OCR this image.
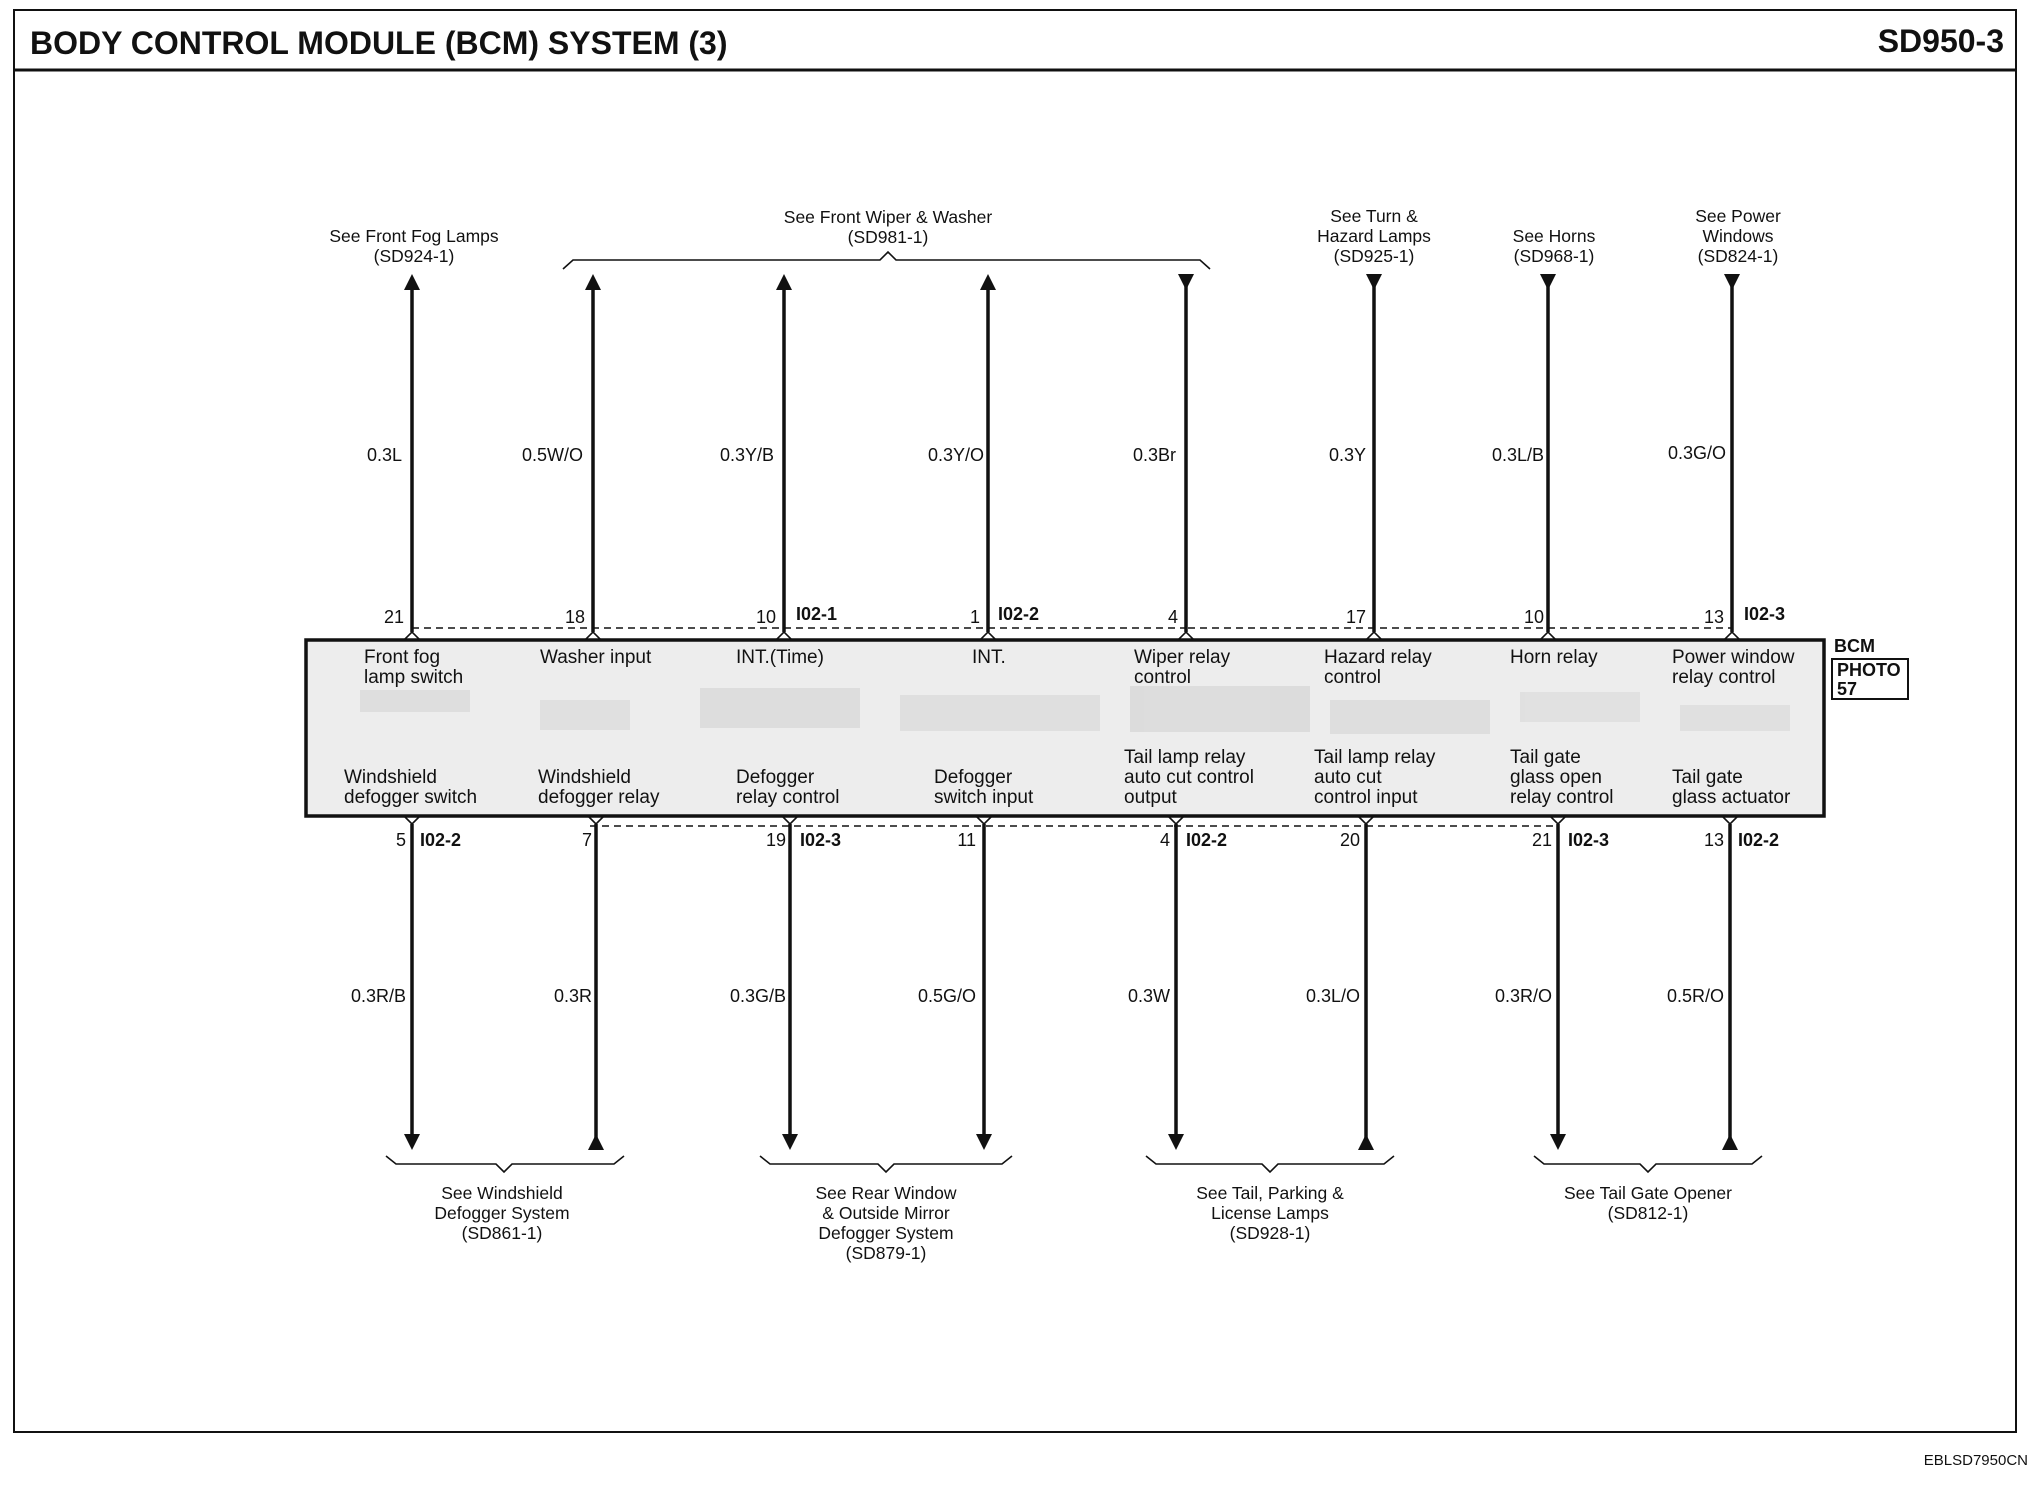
BODY CONTROL MODULE (BCM) SYSTEM (3)	SD950-3
EBLSD7950CN
See Front Fog Lamps
(SD924-1)
See Front Wiper & Washer
(SD981-1)
See Turn &
Hazard Lamps
(SD925-1)
See Horns
(SD968-1)
See Power
Windows
(SD824-1)
BCM
PHOTO
57
0.3L
21
Front fog
lamp switch
0.5W/O
18
Washer input
0.3Y/B
10 I02-1
INT.(Time)
0.3Y/O
1 I02-2
INT.
0.3Br
4
Wiper relay
control
0.3Y
17
Hazard relay
control
0.3L/B
10
Horn relay
0.3G/O
13 I02-3
Power window
relay control
Windshield
defogger switch
5 I02-2
0.3R/B
Windshield
defogger relay
7
0.3R
Defogger
relay control
19 I02-3
0.3G/B
Defogger
switch input
11
0.5G/O
Tail lamp relay
auto cut control
output
4 I02-2
0.3W
Tail lamp relay
auto cut
control input
20
0.3L/O
Tail gate
glass open
relay control
21 I02-3
0.3R/O
Tail gate
glass actuator
13 I02-2
0.5R/O
See Windshield
Defogger System
(SD861-1)
See Rear Window
& Outside Mirror
Defogger System
(SD879-1)
See Tail, Parking &
License Lamps
(SD928-1)
See Tail Gate Opener
(SD812-1)
